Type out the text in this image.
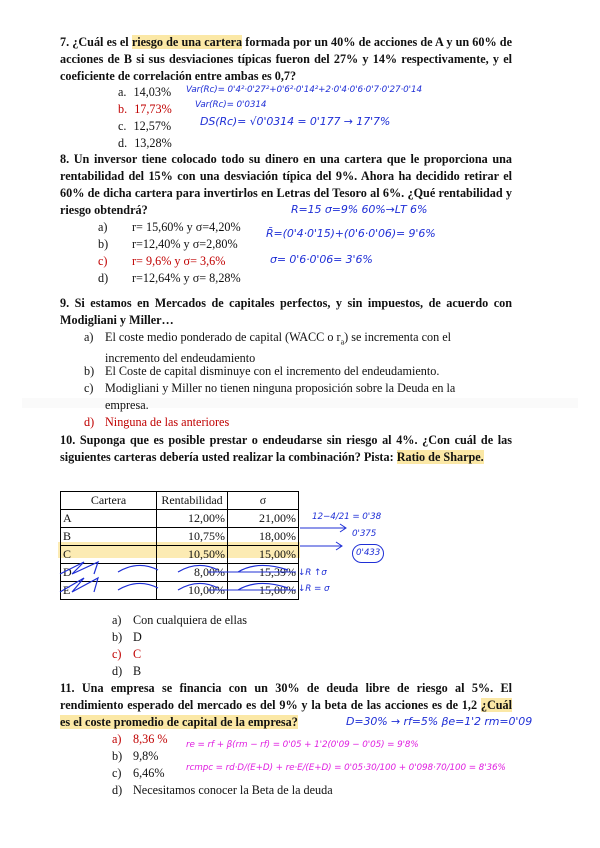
7. ¿Cuál es el riesgo de una cartera formada por un 40% de acciones de A y un 60% de acciones de B si sus desviaciones típicas fueron del 27% y 14% respectivamente, y el coeficiente de correlación entre ambas es 0,7?
a. 14,03%
b. 17,73%
c. 12,57%
d. 13,28%
Var(Rc)= 0'4²·0'27²+0'6²·0'14²+2·0'4·0'6·0'7·0'27·0'14
Var(Rc)= 0'0314
DS(Rc)= √0'0314 = 0'177 → 17'7%
8. Un inversor tiene colocado todo su dinero en una cartera que le proporciona una rentabilidad del 15% con una desviación típica del 9%. Ahora ha decidido retirar el 60% de dicha cartera para invertirlos en Letras del Tesoro al 6%. ¿Qué rentabilidad y riesgo obtendrá?	R=15 σ=9% 60%→LT 6%
a) r= 15,60% y σ=4,20%
b) r=12,40% y σ=2,80%
c) r= 9,6% y σ= 3,6%
d) r=12,64% y σ= 8,28%
R̄=(0'4·0'15)+(0'6·0'06)= 9'6%
σ= 0'6·0'06= 3'6%
9. Si estamos en Mercados de capitales perfectos, y sin impuestos, de acuerdo con Modigliani y Miller…
a) El coste medio ponderado de capital (WACC o $r_a$) se incrementa con el
incremento del endeudamiento
b) El Coste de capital disminuye con el incremento del endeudamiento.
c) Modigliani y Miller no tienen ninguna proposición sobre la Deuda en la
empresa.
d) Ninguna de las anteriores
10. Suponga que es posible prestar o endeudarse sin riesgo al 4%. ¿Con cuál de las siguientes carteras debería usted realizar la combinación? Pista: Ratio de Sharpe.
Cartera	Rentabilidad	σ
A	12,00%	21,00%
B	10,75%	18,00%
C	10,50%	15,00%
D	8,00%	15,39%
E	10,00%	15,00%
12−4/21 = 0'38
0'375
0'433
↓R ↑σ
↓R = σ
a) Con cualquiera de ellas
b) D
c) C
d) B
11. Una empresa se financia con un 30% de deuda libre de riesgo al 5%. El rendimiento esperado del mercado es del 9% y la beta de las acciones es de 1,2 ¿Cuál es el coste promedio de capital de la empresa?	D=30% → rf=5% βe=1'2 rm=0'09
a) 8,36 %
b) 9,8%
c) 6,46%
d) Necesitamos conocer la Beta de la deuda
re = rf + β(rm − rf) = 0'05 + 1'2(0'09 − 0'05) = 9'8%
rcmpc = rd·D/(E+D) + re·E/(E+D) = 0'05·30/100 + 0'098·70/100 = 8'36%
